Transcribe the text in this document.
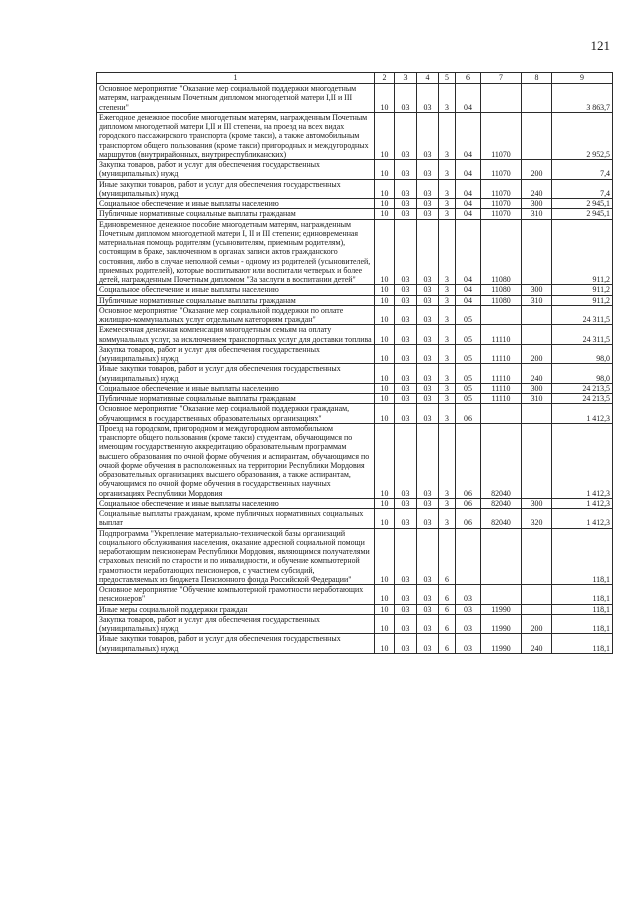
121
1	2	3	4	5	6	7	8	9
Основное мероприятие "Оказание мер социальной поддержки многодетным матерям, награжденным Почетным дипломом многодетной матери I,II и III степени"	10	03	03	3	04			3 863,7
Ежегодное денежное пособие многодетным матерям, награжденным Почетным дипломом многодетной матери I,II и III степени, на проезд на всех видах городского пассажирского транспорта (кроме такси), а также автомобильным транспортом общего пользования (кроме такси) пригородных и междугородных маршрутов (внутрирайонных, внутриреспубликанских)	10	03	03	3	04	11070		2 952,5
Закупка товаров, работ и услуг для обеспечения государственных (муниципальных) нужд	10	03	03	3	04	11070	200	7,4
Иные закупки товаров, работ и услуг для обеспечения государственных (муниципальных) нужд	10	03	03	3	04	11070	240	7,4
Социальное обеспечение и иные выплаты населению	10	03	03	3	04	11070	300	2 945,1
Публичные нормативные социальные выплаты гражданам	10	03	03	3	04	11070	310	2 945,1
Единовременное денежное пособие многодетным матерям, награжденным Почетным дипломом многодетной матери I, II и III степени; единовременная материальная помощь родителям (усыновителям, приемным родителям), состоящим в браке, заключенном в органах записи актов гражданского состояния, либо в случае неполной семьи - одному из родителей (усыновителей, приемных родителей), которые воспитывают или воспитали четверых и более детей, награжденным Почетным дипломом "За заслуги в воспитании детей"	10	03	03	3	04	11080		911,2
Социальное обеспечение и иные выплаты населению	10	03	03	3	04	11080	300	911,2
Публичные нормативные социальные выплаты гражданам	10	03	03	3	04	11080	310	911,2
Основное мероприятие "Оказание мер социальной поддержки по оплате жилищно-коммунальных услуг отдельным категориям граждан"	10	03	03	3	05			24 311,5
Ежемесячная денежная компенсация многодетным семьям на оплату коммунальных услуг, за исключением транспортных услуг для доставки топлива	10	03	03	3	05	11110		24 311,5
Закупка товаров, работ и услуг для обеспечения государственных (муниципальных) нужд	10	03	03	3	05	11110	200	98,0
Иные закупки товаров, работ и услуг для обеспечения государственных (муниципальных) нужд	10	03	03	3	05	11110	240	98,0
Социальное обеспечение и иные выплаты населению	10	03	03	3	05	11110	300	24 213,5
Публичные нормативные социальные выплаты гражданам	10	03	03	3	05	11110	310	24 213,5
Основное мероприятие "Оказание мер социальной поддержки гражданам, обучающимся в государственных образовательных организациях"	10	03	03	3	06			1 412,3
Проезд на городском, пригородном и междугородном автомобильном транспорте общего пользования (кроме такси) студентам, обучающимся по имеющим государственную аккредитацию образовательным программам высшего образования по очной форме обучения и аспирантам, обучающимся по очной форме обучения в расположенных на территории Республики Мордовия образовательных организациях высшего образования, а также аспирантам, обучающимся по очной форме обучения в государственных научных организациях Республики Мордовия	10	03	03	3	06	82040		1 412,3
Социальное обеспечение и иные выплаты населению	10	03	03	3	06	82040	300	1 412,3
Социальные выплаты гражданам, кроме публичных нормативных социальных выплат	10	03	03	3	06	82040	320	1 412,3
Подпрограмма "Укрепление материально-технической базы организаций социального обслуживания населения, оказание адресной социальной помощи неработающим пенсионерам Республики Мордовия, являющимся получателями страховых пенсий по старости и по инвалидности, и обучение компьютерной грамотности неработающих пенсионеров, с участием субсидий, предоставляемых из бюджета Пенсионного фонда Российской Федерации"	10	03	03	6				118,1
Основное мероприятие "Обучение компьютерной грамотности неработающих пенсионеров"	10	03	03	6	03			118,1
Иные меры социальной поддержки граждан	10	03	03	6	03	11990		118,1
Закупка товаров, работ и услуг для обеспечения государственных (муниципальных) нужд	10	03	03	6	03	11990	200	118,1
Иные закупки товаров, работ и услуг для обеспечения государственных (муниципальных) нужд	10	03	03	6	03	11990	240	118,1
